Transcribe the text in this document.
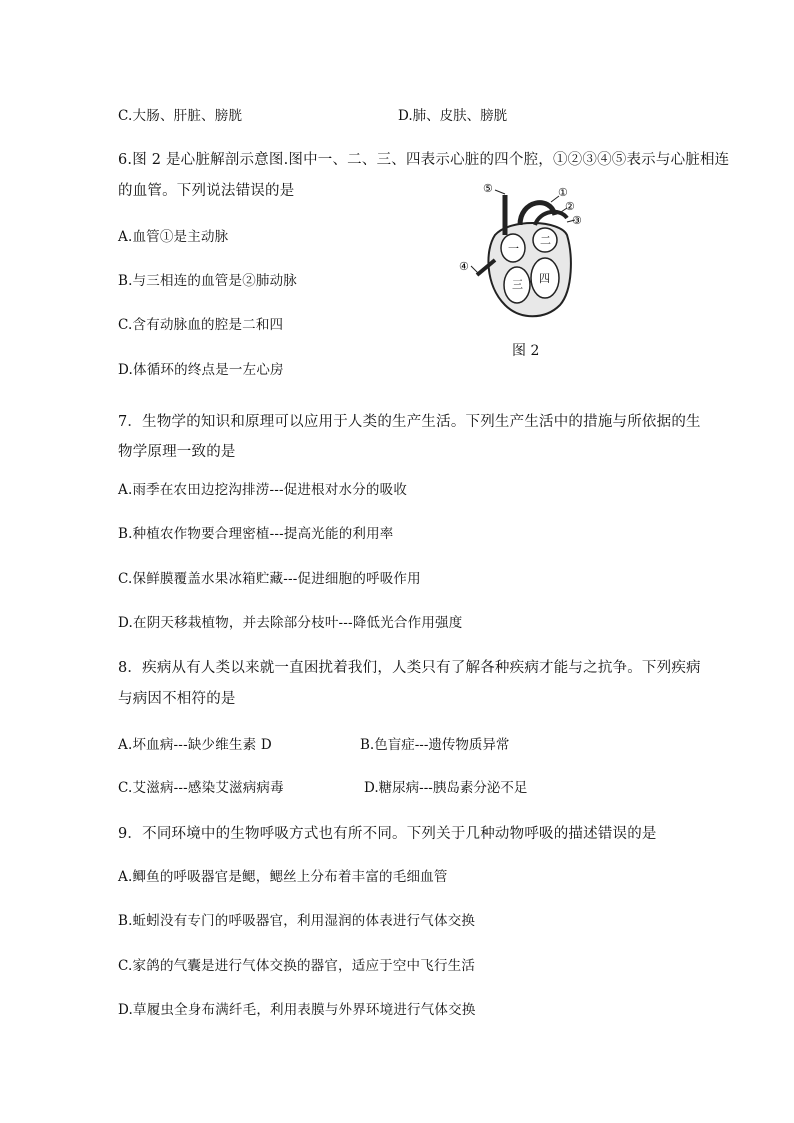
C.大肠、肝脏、膀胱	D.肺、皮肤、膀胱
6.图 2 是心脏解剖示意图.图中一、二、三、四表示心脏的四个腔，①②③④⑤表示与心脏相连
的血管。下列说法错误的是
A.血管①是主动脉
B.与三相连的血管是②肺动脉
C.含有动脉血的腔是二和四
D.体循环的终点是一左心房
一
二
三 四
①
②
③
④
⑤
图 2
7．生物学的知识和原理可以应用于人类的生产生活。下列生产生活中的措施与所依据的生
物学原理一致的是
A.雨季在农田边挖沟排涝---促进根对水分的吸收
B.种植农作物要合理密植---提高光能的利用率
C.保鲜膜覆盖水果冰箱贮藏---促进细胞的呼吸作用
D.在阴天移栽植物，并去除部分枝叶---降低光合作用强度
8．疾病从有人类以来就一直困扰着我们，人类只有了解各种疾病才能与之抗争。下列疾病
与病因不相符的是
A.坏血病---缺少维生素 D	B.色盲症---遗传物质异常
C.艾滋病---感染艾滋病病毒	D.糖尿病---胰岛素分泌不足
9．不同环境中的生物呼吸方式也有所不同。下列关于几种动物呼吸的描述错误的是
A.鲫鱼的呼吸器官是鳃，鳃丝上分布着丰富的毛细血管
B.蚯蚓没有专门的呼吸器官，利用湿润的体表进行气体交换
C.家鸽的气囊是进行气体交换的器官，适应于空中飞行生活
D.草履虫全身布满纤毛，利用表膜与外界环境进行气体交换
